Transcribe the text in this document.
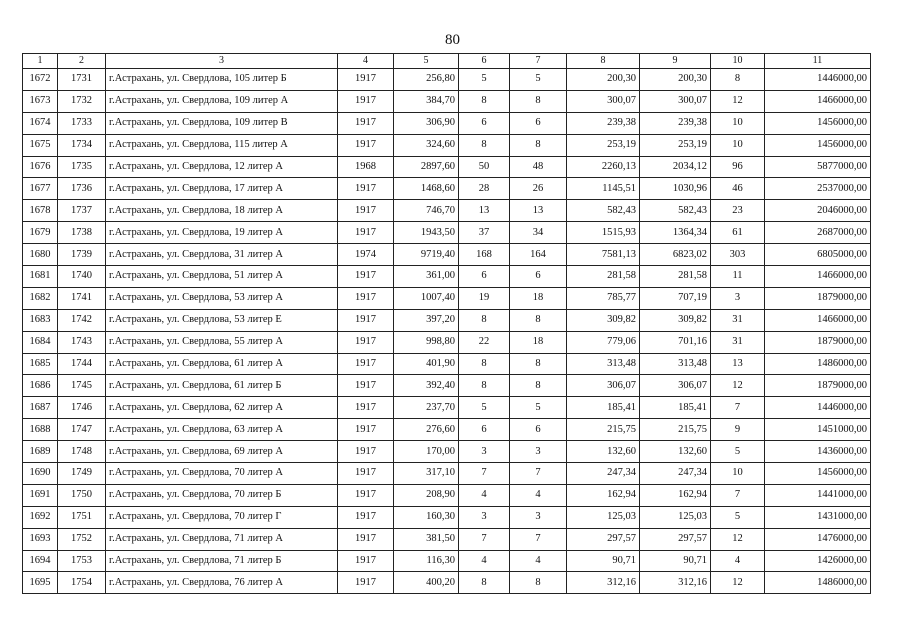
80
1	2	3	4	5	6	7	8	9	10	11
1672	1731	г.Астрахань, ул. Свердлова, 105 литер Б	1917	256,80	5	5	200,30	200,30	8	1446000,00
1673	1732	г.Астрахань, ул. Свердлова, 109 литер А	1917	384,70	8	8	300,07	300,07	12	1466000,00
1674	1733	г.Астрахань, ул. Свердлова, 109 литер В	1917	306,90	6	6	239,38	239,38	10	1456000,00
1675	1734	г.Астрахань, ул. Свердлова, 115 литер А	1917	324,60	8	8	253,19	253,19	10	1456000,00
1676	1735	г.Астрахань, ул. Свердлова, 12 литер А	1968	2897,60	50	48	2260,13	2034,12	96	5877000,00
1677	1736	г.Астрахань, ул. Свердлова, 17 литер А	1917	1468,60	28	26	1145,51	1030,96	46	2537000,00
1678	1737	г.Астрахань, ул. Свердлова, 18 литер А	1917	746,70	13	13	582,43	582,43	23	2046000,00
1679	1738	г.Астрахань, ул. Свердлова, 19 литер А	1917	1943,50	37	34	1515,93	1364,34	61	2687000,00
1680	1739	г.Астрахань, ул. Свердлова, 31 литер А	1974	9719,40	168	164	7581,13	6823,02	303	6805000,00
1681	1740	г.Астрахань, ул. Свердлова, 51 литер А	1917	361,00	6	6	281,58	281,58	11	1466000,00
1682	1741	г.Астрахань, ул. Свердлова, 53 литер А	1917	1007,40	19	18	785,77	707,19	3	1879000,00
1683	1742	г.Астрахань, ул. Свердлова, 53 литер Е	1917	397,20	8	8	309,82	309,82	31	1466000,00
1684	1743	г.Астрахань, ул. Свердлова, 55 литер А	1917	998,80	22	18	779,06	701,16	31	1879000,00
1685	1744	г.Астрахань, ул. Свердлова, 61 литер А	1917	401,90	8	8	313,48	313,48	13	1486000,00
1686	1745	г.Астрахань, ул. Свердлова, 61 литер Б	1917	392,40	8	8	306,07	306,07	12	1879000,00
1687	1746	г.Астрахань, ул. Свердлова, 62 литер А	1917	237,70	5	5	185,41	185,41	7	1446000,00
1688	1747	г.Астрахань, ул. Свердлова, 63 литер А	1917	276,60	6	6	215,75	215,75	9	1451000,00
1689	1748	г.Астрахань, ул. Свердлова, 69 литер А	1917	170,00	3	3	132,60	132,60	5	1436000,00
1690	1749	г.Астрахань, ул. Свердлова, 70 литер А	1917	317,10	7	7	247,34	247,34	10	1456000,00
1691	1750	г.Астрахань, ул. Свердлова, 70 литер Б	1917	208,90	4	4	162,94	162,94	7	1441000,00
1692	1751	г.Астрахань, ул. Свердлова, 70 литер Г	1917	160,30	3	3	125,03	125,03	5	1431000,00
1693	1752	г.Астрахань, ул. Свердлова, 71 литер А	1917	381,50	7	7	297,57	297,57	12	1476000,00
1694	1753	г.Астрахань, ул. Свердлова, 71 литер Б	1917	116,30	4	4	90,71	90,71	4	1426000,00
1695	1754	г.Астрахань, ул. Свердлова, 76 литер А	1917	400,20	8	8	312,16	312,16	12	1486000,00
